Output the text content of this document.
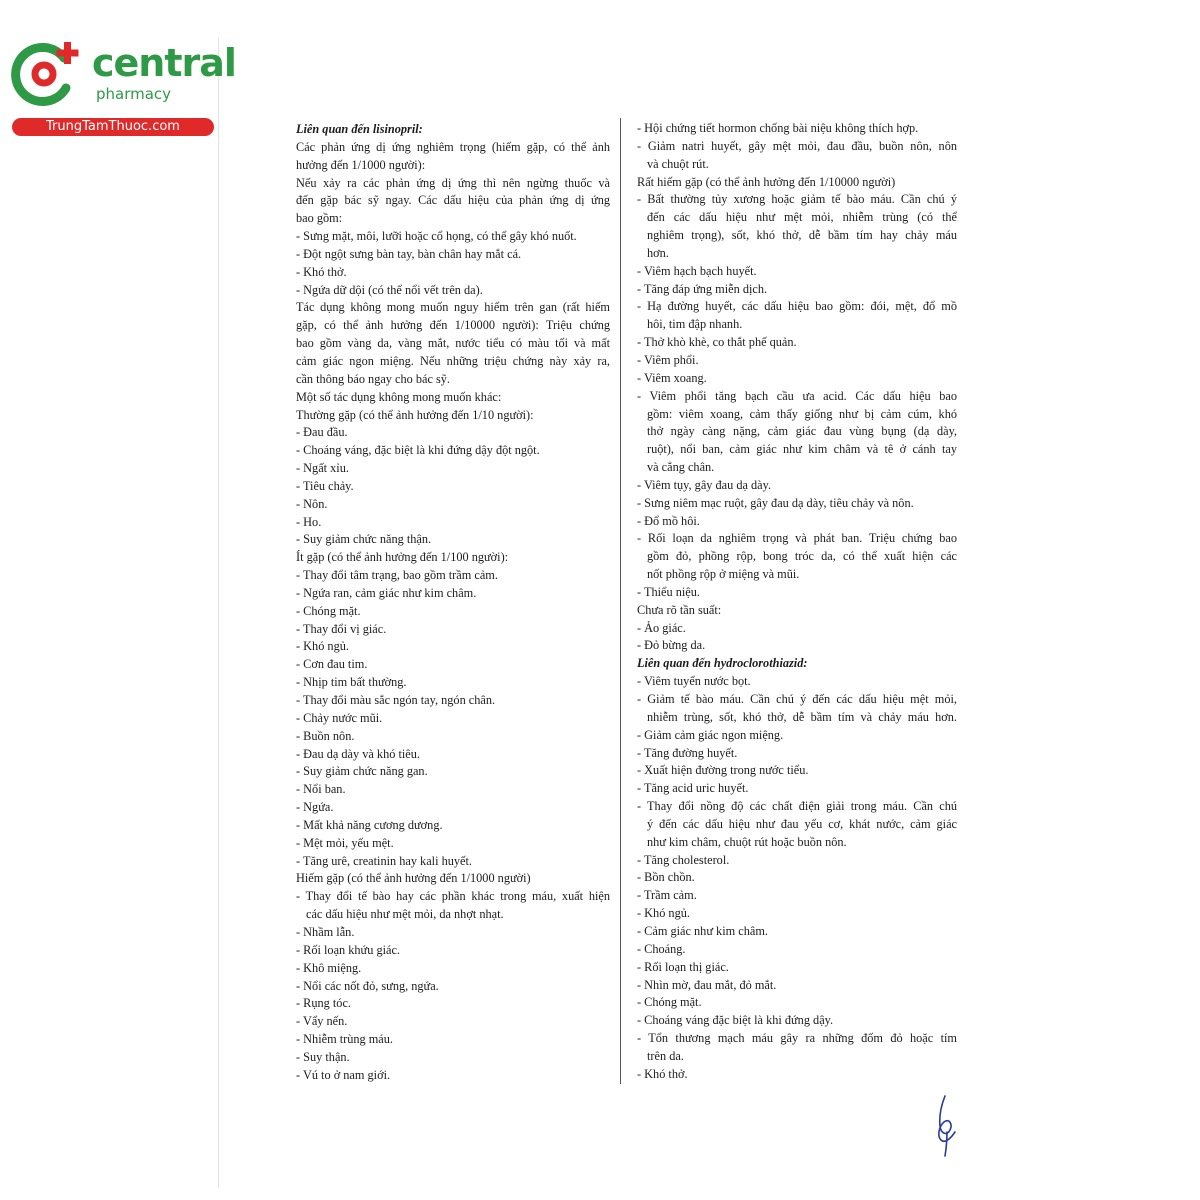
central
pharmacy
TrungTamThuoc.com	Liên quan đến lisinopril:
Các phản ứng dị ứng nghiêm trọng (hiếm gặp, có thể ảnh
hưởng đến 1/1000 người):
Nếu xảy ra các phản ứng dị ứng thì nên ngừng thuốc và
đến gặp bác sỹ ngay. Các dấu hiệu của phản ứng dị ứng
bao gồm:
- Sưng mặt, môi, lưỡi hoặc cổ họng, có thể gây khó nuốt.
- Đột ngột sưng bàn tay, bàn chân hay mắt cá.
- Khó thở.
- Ngứa dữ dội (có thể nổi vết trên da).
Tác dụng không mong muốn nguy hiểm trên gan (rất hiếm
gặp, có thể ảnh hưởng đến 1/10000 người): Triệu chứng
bao gồm vàng da, vàng mắt, nước tiểu có màu tối và mất
cảm giác ngon miệng. Nếu những triệu chứng này xảy ra,
cần thông báo ngay cho bác sỹ.
Một số tác dụng không mong muốn khác:
Thường gặp (có thể ảnh hưởng đến 1/10 người):
- Đau đầu.
- Choáng váng, đặc biệt là khi đứng dậy đột ngột.
- Ngất xỉu.
- Tiêu chảy.
- Nôn.
- Ho.
- Suy giảm chức năng thận.
Ít gặp (có thể ảnh hưởng đến 1/100 người):
- Thay đổi tâm trạng, bao gồm trầm cảm.
- Ngứa ran, cảm giác như kim châm.
- Chóng mặt.
- Thay đổi vị giác.
- Khó ngủ.
- Cơn đau tim.
- Nhịp tim bất thường.
- Thay đổi màu sắc ngón tay, ngón chân.
- Chảy nước mũi.
- Buồn nôn.
- Đau dạ dày và khó tiêu.
- Suy giảm chức năng gan.
- Nổi ban.
- Ngứa.
- Mất khả năng cương dương.
- Mệt mỏi, yếu mệt.
- Tăng urê, creatinin hay kali huyết.
Hiếm gặp (có thể ảnh hưởng đến 1/1000 người)
- Thay đổi tế bào hay các phần khác trong máu, xuất hiện
các dấu hiệu như mệt mỏi, da nhợt nhạt.
- Nhầm lẫn.
- Rối loạn khứu giác.
- Khô miệng.
- Nổi các nốt đỏ, sưng, ngứa.
- Rụng tóc.
- Vẩy nến.
- Nhiễm trùng máu.
- Suy thận.
- Vú to ở nam giới.
- Hội chứng tiết hormon chống bài niệu không thích hợp.
- Giảm natri huyết, gây mệt mỏi, đau đầu, buồn nôn, nôn
và chuột rút.
Rất hiếm gặp (có thể ảnh hưởng đến 1/10000 người)
- Bất thường tủy xương hoặc giảm tế bào máu. Cần chú ý
đến các dấu hiệu như mệt mỏi, nhiễm trùng (có thể
nghiêm trọng), sốt, khó thở, dễ bầm tím hay chảy máu
hơn.
- Viêm hạch bạch huyết.
- Tăng đáp ứng miễn dịch.
- Hạ đường huyết, các dấu hiệu bao gồm: đói, mệt, đổ mồ
hôi, tim đập nhanh.
- Thở khò khè, co thắt phế quản.
- Viêm phổi.
- Viêm xoang.
- Viêm phổi tăng bạch cầu ưa acid. Các dấu hiệu bao
gồm: viêm xoang, cảm thấy giống như bị cảm cúm, khó
thở ngày càng nặng, cảm giác đau vùng bụng (dạ dày,
ruột), nổi ban, cảm giác như kim châm và tê ở cánh tay
và cẳng chân.
- Viêm tụy, gây đau dạ dày.
- Sưng niêm mạc ruột, gây đau dạ dày, tiêu chảy và nôn.
- Đổ mồ hôi.
- Rối loạn da nghiêm trọng và phát ban. Triệu chứng bao
gồm đỏ, phồng rộp, bong tróc da, có thể xuất hiện các
nốt phồng rộp ở miệng và mũi.
- Thiểu niệu.
Chưa rõ tần suất:
- Ảo giác.
- Đỏ bừng da.
Liên quan đến hydroclorothiazid:
- Viêm tuyến nước bọt.
- Giảm tế bào máu. Cần chú ý đến các dấu hiệu mệt mỏi,
nhiễm trùng, sốt, khó thở, dễ bầm tím và chảy máu hơn.
- Giảm cảm giác ngon miệng.
- Tăng đường huyết.
- Xuất hiện đường trong nước tiểu.
- Tăng acid uric huyết.
- Thay đổi nồng độ các chất điện giải trong máu. Cần chú
ý đến các dấu hiệu như đau yếu cơ, khát nước, cảm giác
như kim châm, chuột rút hoặc buồn nôn.
- Tăng cholesterol.
- Bồn chồn.
- Trầm cảm.
- Khó ngủ.
- Cảm giác như kim châm.
- Choáng.
- Rối loạn thị giác.
- Nhìn mờ, đau mắt, đỏ mắt.
- Chóng mặt.
- Choáng váng đặc biệt là khi đứng dậy.
- Tổn thương mạch máu gây ra những đốm đỏ hoặc tím
trên da.
- Khó thở.
